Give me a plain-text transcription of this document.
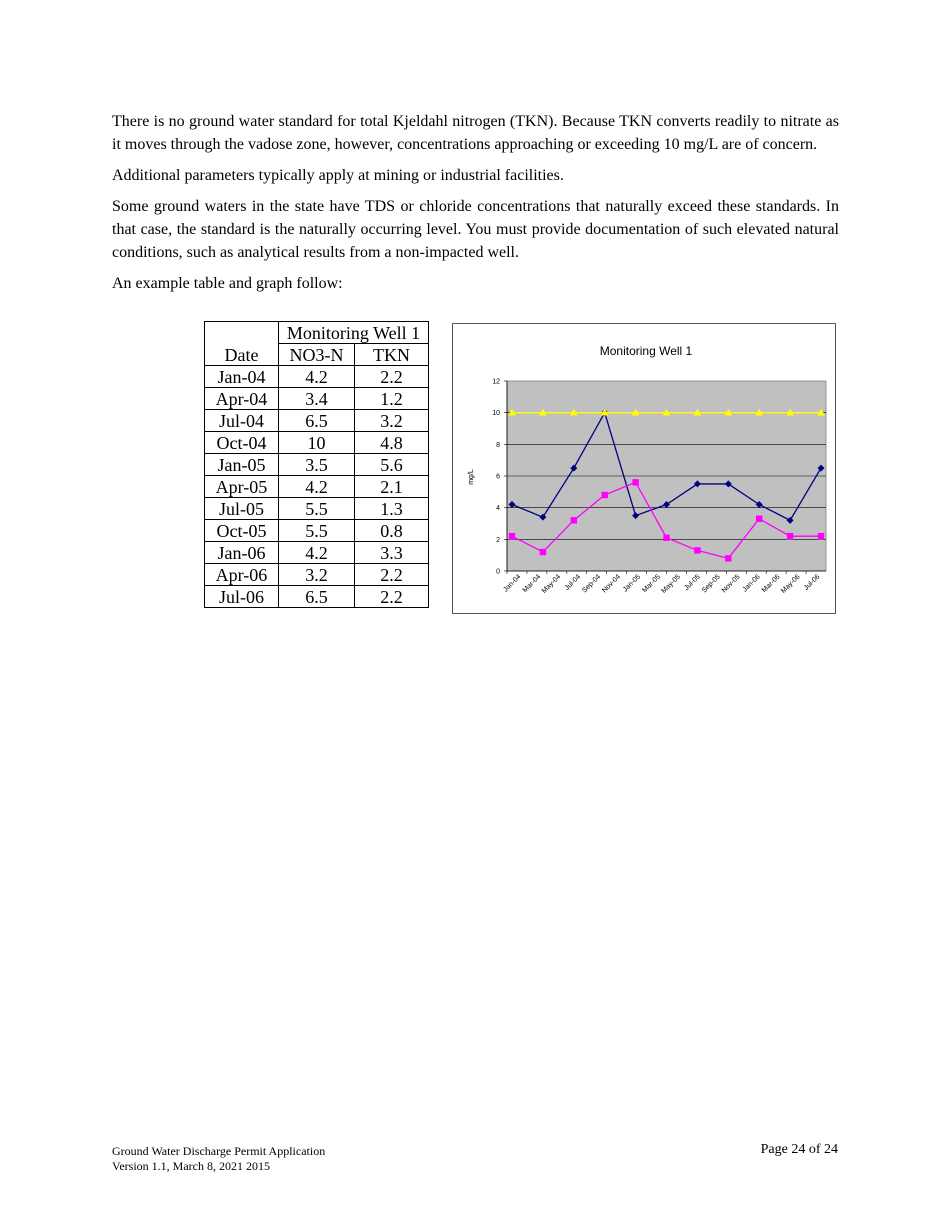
There is no ground water standard for total Kjeldahl nitrogen (TKN). Because TKN converts readily to nitrate as it moves through the vadose zone, however, concentrations approaching or exceeding 10 mg/L are of concern.

Additional parameters typically apply at mining or industrial facilities.

Some ground waters in the state have TDS or chloride concentrations that naturally exceed these standards. In that case, the standard is the naturally occurring level. You must provide documentation of such elevated natural conditions, such as analytical results from a non-impacted well.

An example table and graph follow:

	Monitoring Well 1	
Date	NO3-N	TKN
Jan-04	4.2	2.2
Apr-04	3.4	1.2
Jul-04	6.5	3.2
Oct-04	10	4.8
Jan-05	3.5	5.6
Apr-05	4.2	2.1
Jul-05	5.5	1.3
Oct-05	5.5	0.8
Jan-06	4.2	3.3
Apr-06	3.2	2.2
Jul-06	6.5	2.2
Monitoring Well 1
mg/L
0
2
4
6
8
10
12
Jan-04 Mar-04
May-04 Jul-04 Sep-04 Nov-04 Jan-05 Mar-05
May-05 Jul-05 Sep-05 Nov-05 Jan-06 Mar-06
May-06 Jul-06
Ground Water Discharge Permit Application
Version 1.1, March 8, 2021 2015
Page 24 of 24
